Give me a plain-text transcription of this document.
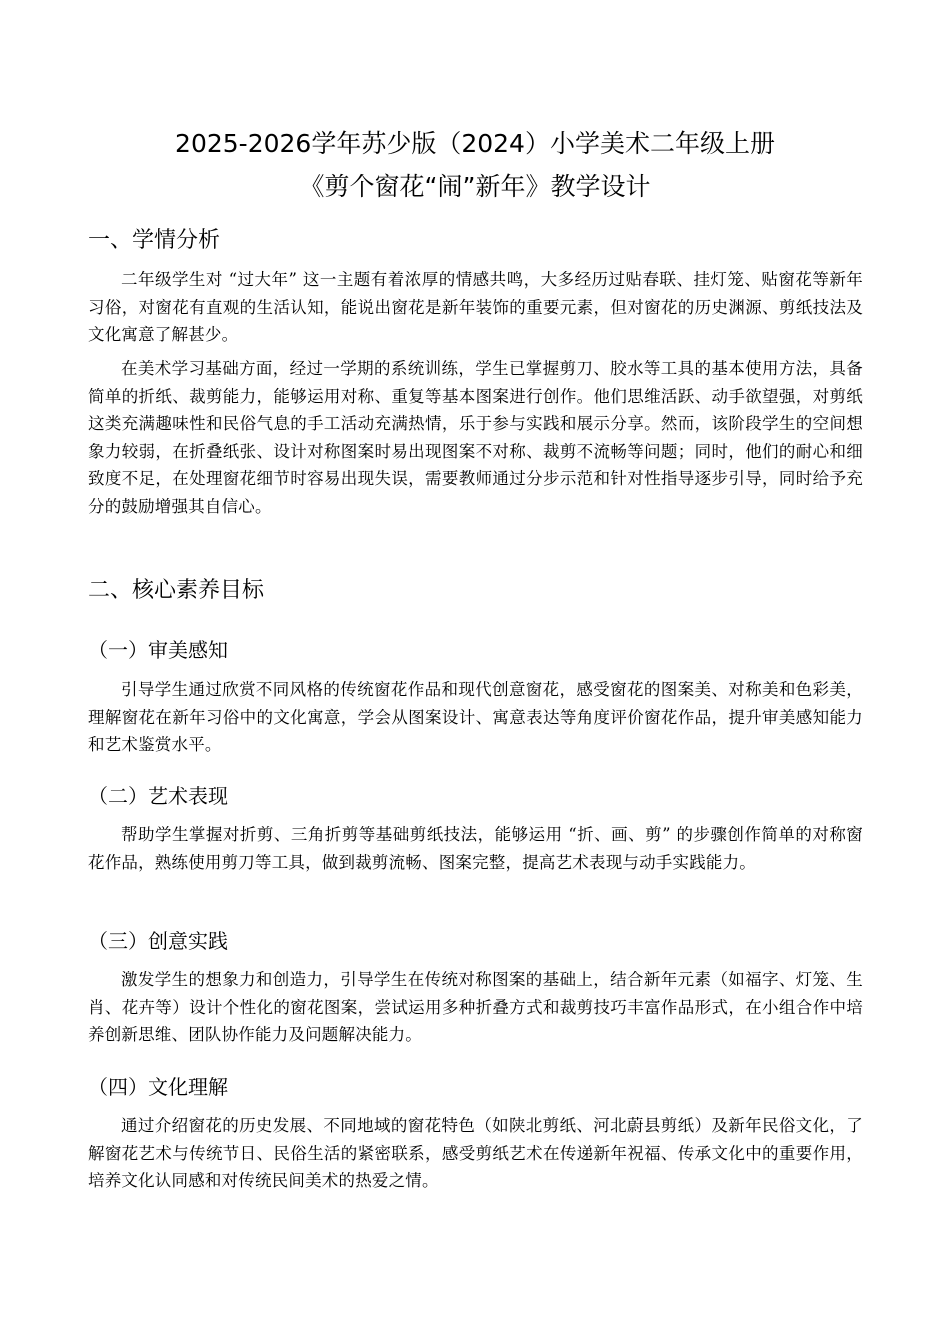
2025-2026学年苏少版（2024）小学美术二年级上册
《剪个窗花“闹”新年》教学设计
一、学情分析

二年级学生对 “过大年” 这一主题有着浓厚的情感共鸣，大多经历过贴春联、挂灯笼、贴窗花等新年习俗，对窗花有直观的生活认知，能说出窗花是新年装饰的重要元素，但对窗花的历史渊源、剪纸技法及文化寓意了解甚少。

在美术学习基础方面，经过一学期的系统训练，学生已掌握剪刀、胶水等工具的基本使用方法，具备简单的折纸、裁剪能力，能够运用对称、重复等基本图案进行创作。他们思维活跃、动手欲望强，对剪纸这类充满趣味性和民俗气息的手工活动充满热情，乐于参与实践和展示分享。然而，该阶段学生的空间想象力较弱，在折叠纸张、设计对称图案时易出现图案不对称、裁剪不流畅等问题；同时，他们的耐心和细致度不足，在处理窗花细节时容易出现失误，需要教师通过分步示范和针对性指导逐步引导，同时给予充分的鼓励增强其自信心。

二、核心素养目标
（一）审美感知

引导学生通过欣赏不同风格的传统窗花作品和现代创意窗花，感受窗花的图案美、对称美和色彩美，理解窗花在新年习俗中的文化寓意，学会从图案设计、寓意表达等角度评价窗花作品，提升审美感知能力和艺术鉴赏水平。

（二）艺术表现

帮助学生掌握对折剪、三角折剪等基础剪纸技法，能够运用 “折、画、剪” 的步骤创作简单的对称窗花作品，熟练使用剪刀等工具，做到裁剪流畅、图案完整，提高艺术表现与动手实践能力。

（三）创意实践

激发学生的想象力和创造力，引导学生在传统对称图案的基础上，结合新年元素（如福字、灯笼、生肖、花卉等）设计个性化的窗花图案，尝试运用多种折叠方式和裁剪技巧丰富作品形式，在小组合作中培养创新思维、团队协作能力及问题解决能力。

（四）文化理解

通过介绍窗花的历史发展、不同地域的窗花特色（如陕北剪纸、河北蔚县剪纸）及新年民俗文化，了解窗花艺术与传统节日、民俗生活的紧密联系，感受剪纸艺术在传递新年祝福、传承文化中的重要作用，培养文化认同感和对传统民间美术的热爱之情。
